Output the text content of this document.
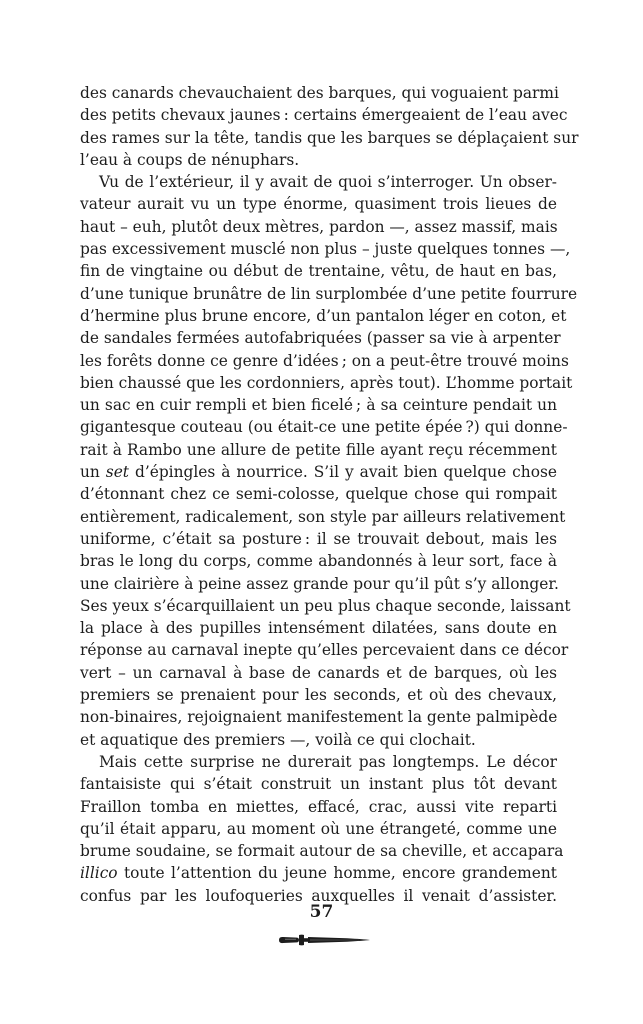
des canards chevauchaient des barques, qui voguaient parmi
des petits chevaux jaunes : certains émergeaient de l’eau avec
des rames sur la tête, tandis que les barques se déplaçaient sur
l’eau à coups de nénuphars.
Vu de l’extérieur, il y avait de quoi s’interroger. Un obser-
vateur aurait vu un type énorme, quasiment trois lieues de
haut – euh, plutôt deux mètres, pardon —, assez massif, mais
pas excessivement musclé non plus – juste quelques tonnes —,
fin de vingtaine ou début de trentaine, vêtu, de haut en bas,
d’une tunique brunâtre de lin surplombée d’une petite fourrure
d’hermine plus brune encore, d’un pantalon léger en coton, et
de sandales fermées autofabriquées (passer sa vie à arpenter
les forêts donne ce genre d’idées ; on a peut-être trouvé moins
bien chaussé que les cordonniers, après tout). L’homme portait
un sac en cuir rempli et bien ficelé ; à sa ceinture pendait un
gigantesque couteau (ou était-ce une petite épée ?) qui donne-
rait à Rambo une allure de petite fille ayant reçu récemment
un set d’épingles à nourrice. S’il y avait bien quelque chose
d’étonnant chez ce semi-colosse, quelque chose qui rompait
entièrement, radicalement, son style par ailleurs relativement
uniforme, c’était sa posture : il se trouvait debout, mais les
bras le long du corps, comme abandonnés à leur sort, face à
une clairière à peine assez grande pour qu’il pût s’y allonger.
Ses yeux s’écarquillaient un peu plus chaque seconde, laissant
la place à des pupilles intensément dilatées, sans doute en
réponse au carnaval inepte qu’elles percevaient dans ce décor
vert – un carnaval à base de canards et de barques, où les
premiers se prenaient pour les seconds, et où des chevaux,
non-binaires, rejoignaient manifestement la gente palmipède
et aquatique des premiers —, voilà ce qui clochait.
Mais cette surprise ne durerait pas longtemps. Le décor
fantaisiste qui s’était construit un instant plus tôt devant
Fraillon tomba en miettes, effacé, crac, aussi vite reparti
qu’il était apparu, au moment où une étrangeté, comme une
brume soudaine, se formait autour de sa cheville, et accapara
illico toute l’attention du jeune homme, encore grandement
confus par les loufoqueries auxquelles il venait d’assister.
57
